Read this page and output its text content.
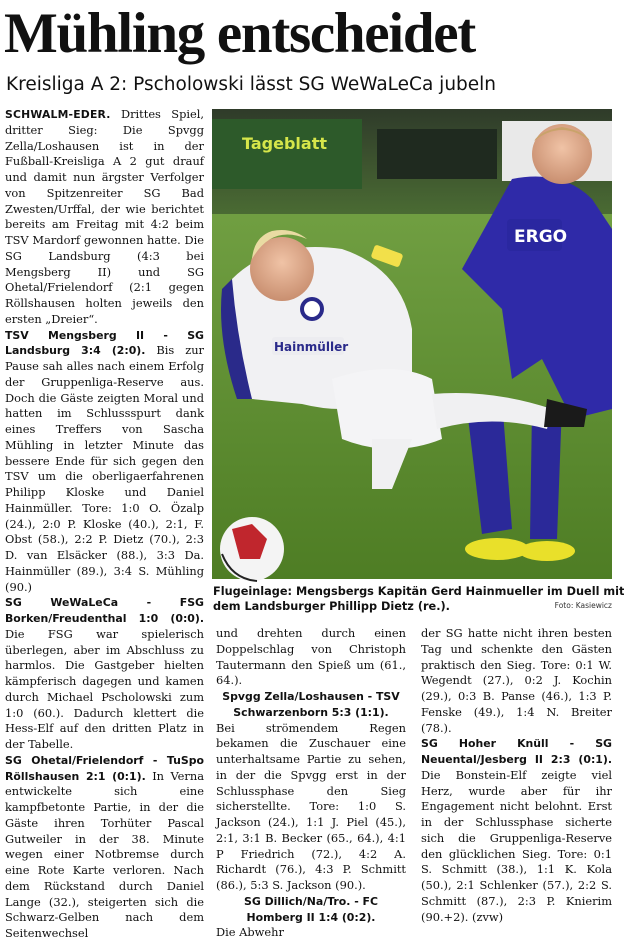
Mühling entscheidet
Kreisliga A 2: Pscholowski lässt SG WeWaLeCa jubeln

SCHWALM-EDER. Drittes Spiel, dritter Sieg: Die Spvgg Zella/Loshausen ist in der Fußball-Kreisliga A 2 gut drauf und damit nun ärgster Verfolger von Spitzenreiter SG Bad Zwesten/Urffal, der wie berichtet bereits am Freitag mit 4:2 beim TSV Mardorf gewonnen hatte. Die SG Landsburg (4:3 bei Mengsberg II) und SG Ohetal/Frielendorf (2:1 gegen Röllshausen holten jeweils den ersten „Dreier“.

TSV Mengsberg II - SG Landsburg 3:4 (2:0). Bis zur Pause sah alles nach einem Erfolg der Gruppenliga-Reserve aus. Doch die Gäste zeigten Moral und hatten im Schlussspurt dank eines Treffers von Sascha Mühling in letzter Minute das bessere Ende für sich gegen den TSV um die oberligaerfahrenen Philipp Kloske und Daniel Hainmüller. Tore: 1:0 O. Özalp (24.), 2:0 P. Kloske (40.), 2:1, F. Obst (58.), 2:2 P. Dietz (70.), 2:3 D. van Elsäcker (88.), 3:3 Da. Hainmüller (89.), 3:4 S. Mühling (90.)

SG WeWaLeCa - FSG Borken/Freudenthal 1:0 (0:0). Die FSG war spielerisch überlegen, aber im Abschluss zu harmlos. Die Gastgeber hielten kämpferisch dagegen und kamen durch Michael Pscholowski zum 1:0 (60.). Dadurch klettert die Hess-Elf auf den dritten Platz in der Tabelle.

SG Ohetal/Frielendorf - TuSpo Röllshausen 2:1 (0:1). In Verna entwickelte sich eine kampfbetonte Partie, in der die Gäste ihren Torhüter Pascal Gutweiler in der 38. Minute wegen einer Notbremse durch eine Rote Karte verloren. Nach dem Rückstand durch Daniel Lange (32.), steigerten sich die Schwarz-Gelben nach dem Seitenwechsel

Tageblatt
ERGO
Hainmüller
Flugeinlage: Mengsbergs Kapitän Gerd Hainmueller im Duell mit
dem Landsburger Phillipp Dietz (re.).	Foto: Kasiewicz

und drehten durch einen Doppelschlag von Christoph Tautermann den Spieß um (61., 64.).

Spvgg Zella/Loshausen - TSV Schwarzenborn 5:3 (1:1).
Bei strömendem Regen bekamen die Zuschauer eine unterhaltsame Partie zu sehen, in der die Spvgg erst in der Schlussphase den Sieg sicherstellte. Tore: 1:0 S. Jackson (24.), 1:1 J. Piel (45.), 2:1, 3:1 B. Becker (65., 64.), 4:1 P Friedrich (72.), 4:2 A. Richardt (76.), 4:3 P. Schmitt (86.), 5:3 S. Jackson (90.).

SG Dillich/Na/Tro. - FC Homberg II 1:4 (0:2).
Die Abwehr

der SG hatte nicht ihren besten Tag und schenkte den Gästen praktisch den Sieg. Tore: 0:1 W. Wegendt (27.), 0:2 J. Kochin (29.), 0:3 B. Panse (46.), 1:3 P. Fenske (49.), 1:4 N. Breiter (78.).

SG Hoher Knüll - SG Neuental/Jesberg II 2:3 (0:1). Die Bonstein-Elf zeigte viel Herz, wurde aber für ihr Engagement nicht belohnt. Erst in der Schlussphase sicherte sich die Gruppenliga-Reserve den glücklichen Sieg. Tore: 0:1 S. Schmitt (38.), 1:1 K. Kola (50.), 2:1 Schlenker (57.), 2:2 S. Schmitt (87.), 2:3 P. Knierim (90.+2). (zvw)
